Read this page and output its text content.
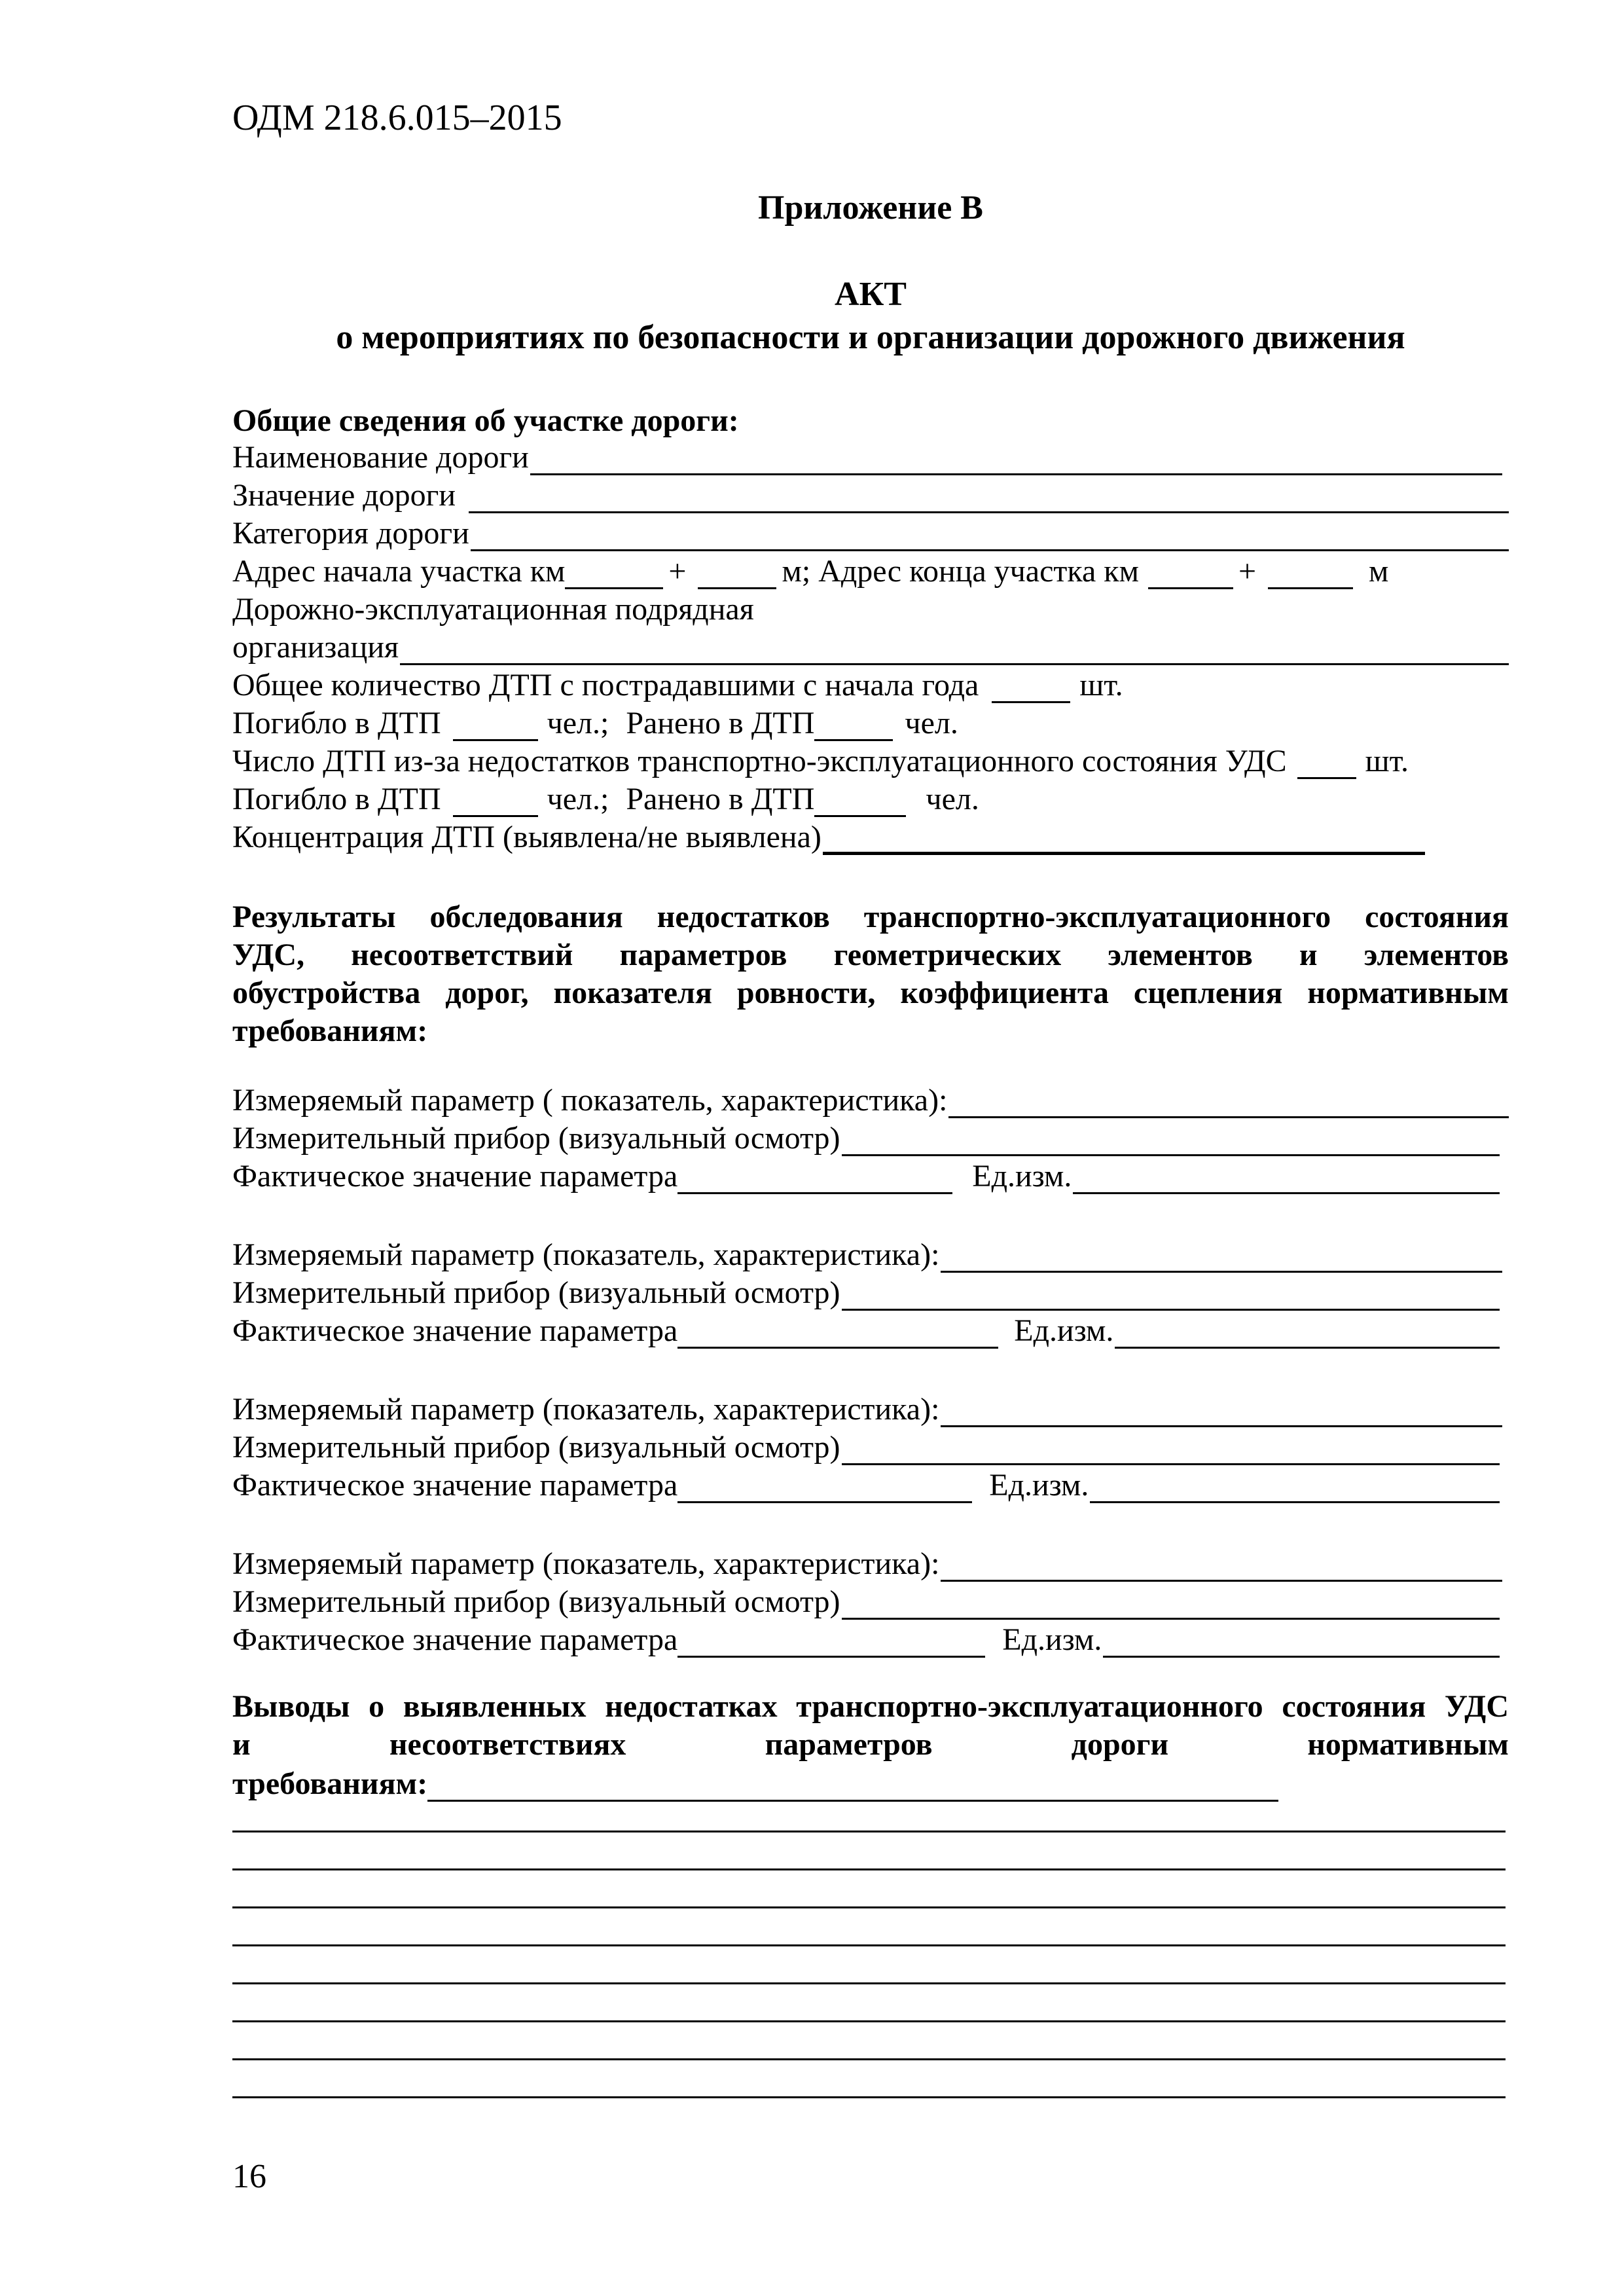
ОДМ 218.6.015–2015
Приложение В
АКТ
о мероприятиях по безопасности и организации дорожного движения
Общие сведения об участке дороги:
Наименование дороги
Значение дороги
Категория дороги
Адрес начала участка км	+	м; Адрес конца участка км	+	м
Дорожно-эксплуатационная подрядная
организация
Общее количество ДТП с пострадавшими с начала года	шт.
Погибло в ДТП	чел.; Ранено в ДТП	чел.
Число ДТП из-за недостатков транспортно-эксплуатационного состояния УДС	шт.
Погибло в ДТП	чел.; Ранено в ДТП	чел.
Концентрация ДТП (выявлена/не выявлена)
Результаты обследования недостатков транспортно-эксплуатационного состояния
УДС, несоответствий параметров геометрических элементов и элементов
обустройства дорог, показателя ровности, коэффициента сцепления нормативным
требованиям:
Измеряемый параметр ( показатель, характеристика):
Измерительный прибор (визуальный осмотр)
Фактическое значение параметра	Ед.изм.
Измеряемый параметр (показатель, характеристика):
Измерительный прибор (визуальный осмотр)
Фактическое значение параметра	Ед.изм.
Измеряемый параметр (показатель, характеристика):
Измерительный прибор (визуальный осмотр)
Фактическое значение параметра	Ед.изм.
Измеряемый параметр (показатель, характеристика):
Измерительный прибор (визуальный осмотр)
Фактическое значение параметра	Ед.изм.
Выводы о выявленных недостатках транспортно-эксплуатационного состояния УДС
и несоответствиях параметров дороги нормативным
требованиям:
16
